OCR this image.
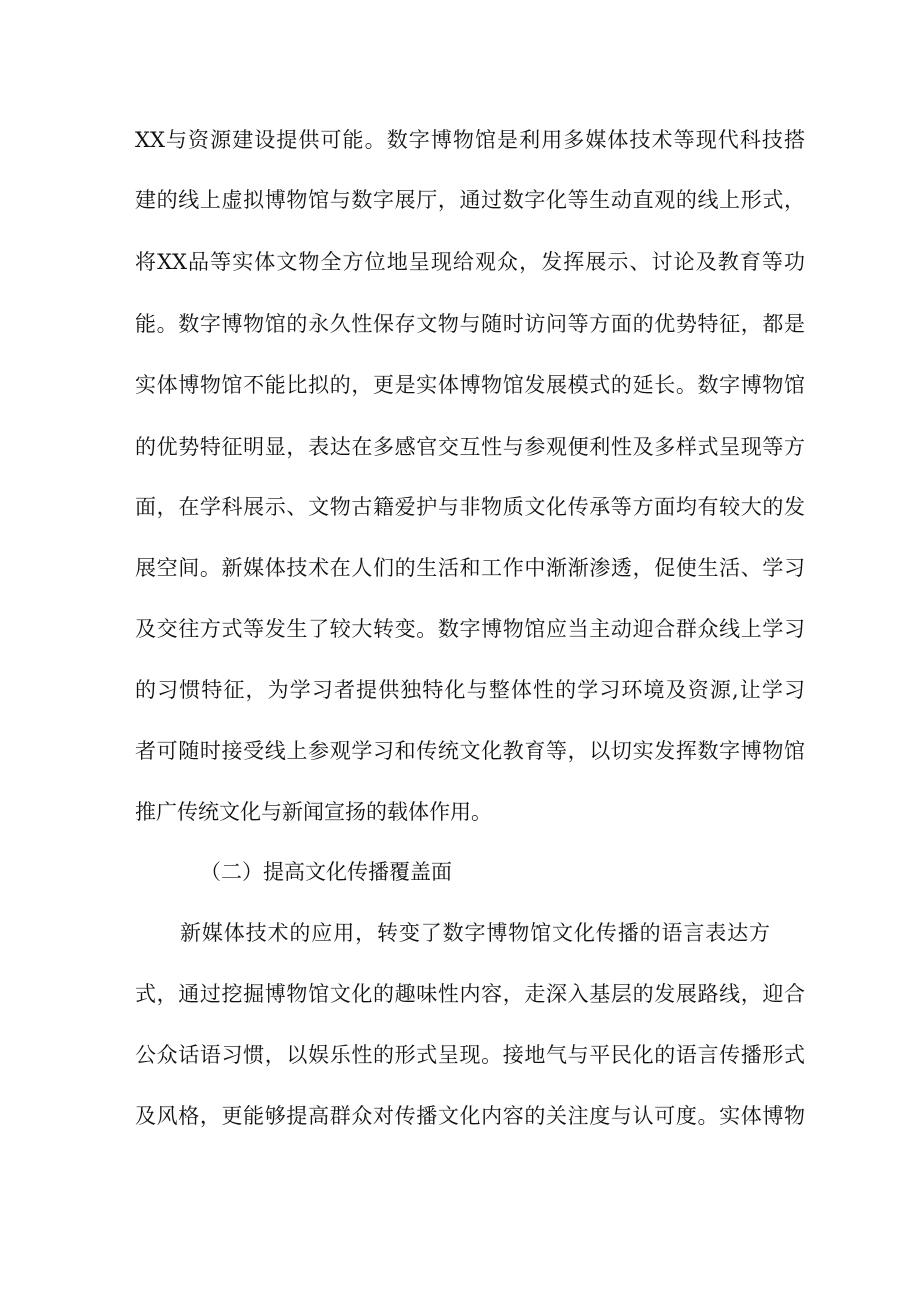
XX与资源建设提供可能。数字博物馆是利用多媒体技术等现代科技搭
建的线上虚拟博物馆与数字展厅，通过数字化等生动直观的线上形式，
将XX品等实体文物全方位地呈现给观众，发挥展示、讨论及教育等功
能。数字博物馆的永久性保存文物与随时访问等方面的优势特征，都是
实体博物馆不能比拟的，更是实体博物馆发展模式的延长。数字博物馆
的优势特征明显，表达在多感官交互性与参观便利性及多样式呈现等方
面，在学科展示、文物古籍爱护与非物质文化传承等方面均有较大的发
展空间。新媒体技术在人们的生活和工作中渐渐渗透，促使生活、学习
及交往方式等发生了较大转变。数字博物馆应当主动迎合群众线上学习
的习惯特征，为学习者提供独特化与整体性的学习环境及资源,让学习
者可随时接受线上参观学习和传统文化教育等，以切实发挥数字博物馆
推广传统文化与新闻宣扬的载体作用。
（二）提高文化传播覆盖面
新媒体技术的应用，转变了数字博物馆文化传播的语言表达方
式，通过挖掘博物馆文化的趣味性内容，走深入基层的发展路线，迎合
公众话语习惯，以娱乐性的形式呈现。接地气与平民化的语言传播形式
及风格，更能够提高群众对传播文化内容的关注度与认可度。实体博物
